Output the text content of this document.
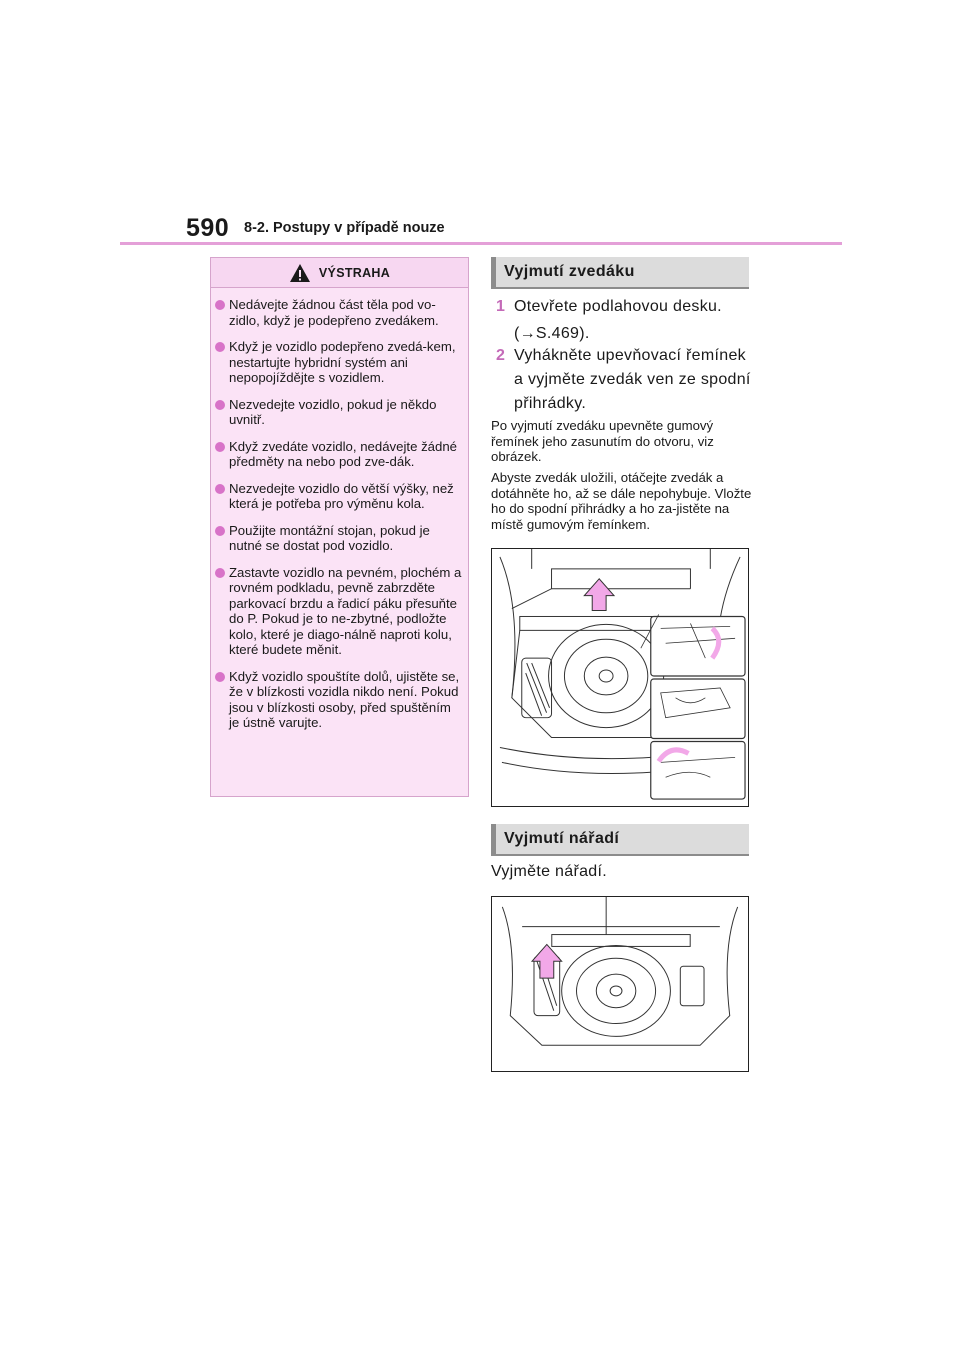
590 8-2. Postupy v případě nouze
VÝSTRAHA
Nedávejte žádnou část těla pod vo-zidlo, když je podepřeno zvedákem.
Když je vozidlo podepřeno zvedá-kem, nestartujte hybridní systém ani nepopojíždějte s vozidlem.
Nezvedejte vozidlo, pokud je někdo uvnitř.
Když zvedáte vozidlo, nedávejte žádné předměty na nebo pod zve-dák.
Nezvedejte vozidlo do větší výšky, než která je potřeba pro výměnu kola.
Použijte montážní stojan, pokud je nutné se dostat pod vozidlo.
Zastavte vozidlo na pevném, plochém a rovném podkladu, pevně zabrzděte parkovací brzdu a řadicí páku přesuňte do P. Pokud je to ne-zbytné, podložte kolo, které je diago-nálně naproti kolu, které budete měnit.
Když vozidlo spouštíte dolů, ujistěte se, že v blízkosti vozidla nikdo není. Pokud jsou v blízkosti osoby, před spuštěním je ústně varujte.
Vyjmutí zvedáku
1 Otevřete podlahovou desku.
(→S.469).
2 Vyhákněte upevňovací řemínek a vyjměte zvedák ven ze spodní přihrádky.
Po vyjmutí zvedáku upevněte gumový řemínek jeho zasunutím do otvoru, viz obrázek.
Abyste zvedák uložili, otáčejte zvedák a dotáhněte ho, až se dále nepohybuje. Vložte ho do spodní přihrádky a ho za-jistěte na místě gumovým řemínkem.
Vyjmutí nářadí
Vyjměte nářadí.
